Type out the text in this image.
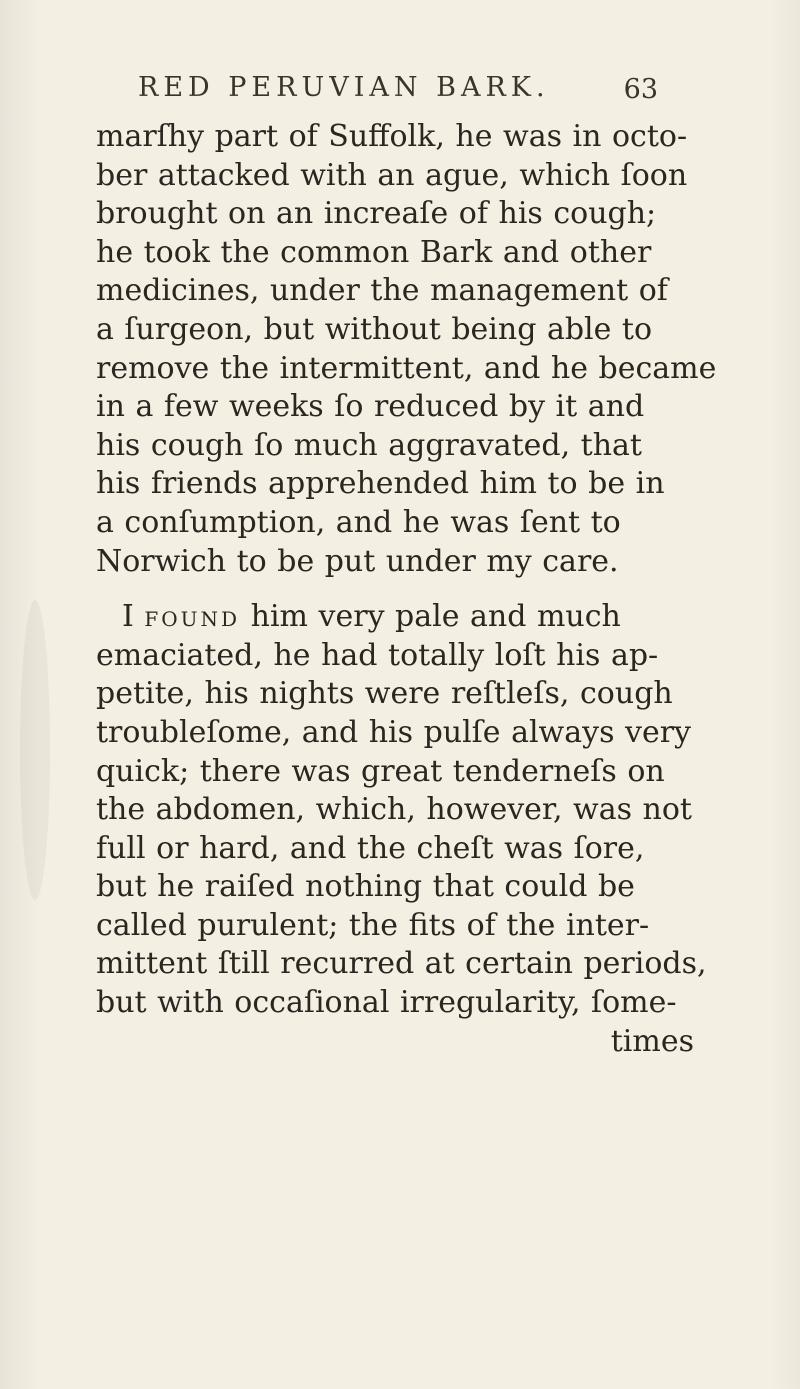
RED PERUVIAN BARK.	63
marſhy part of Suffolk, he was in octo-
ber attacked with an ague, which ſoon
brought on an increaſe of his cough;
he took the common Bark and other
medicines, under the management of
a ſurgeon, but without being able to
remove the intermittent, and he became
in a few weeks ſo reduced by it and
his cough ſo much aggravated, that
his friends apprehended him to be in
a conſumption, and he was ſent to
Norwich to be put under my care.
I FOUND him very pale and much
emaciated, he had totally loſt his ap-
petite, his nights were reſtleſs, cough
troubleſome, and his pulſe always very
quick; there was great tenderneſs on
the abdomen, which, however, was not
full or hard, and the cheſt was ſore,
but he raiſed nothing that could be
called purulent; the fits of the inter-
mittent ſtill recurred at certain periods,
but with occaſional irregularity, ſome-
times
